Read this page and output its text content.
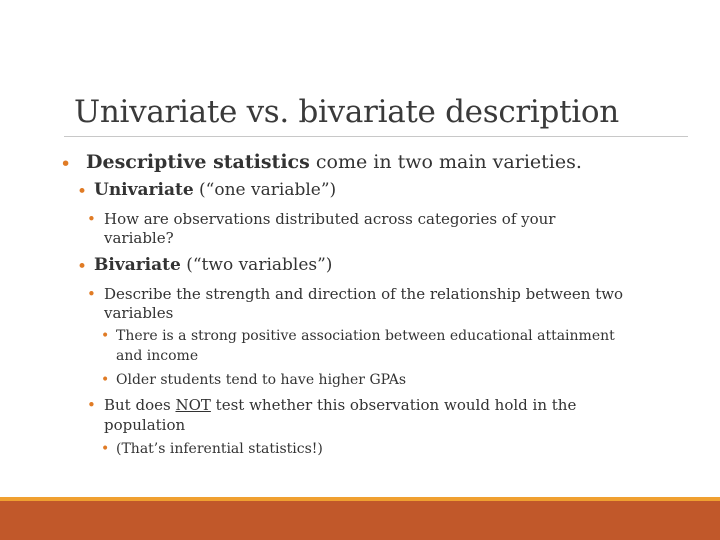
Univariate vs. bivariate description
• Descriptive statistics come in two main varieties.
• Univariate (“one variable”)
• How are observations distributed across categories of your
variable?
• Bivariate (“two variables”)
• Describe the strength and direction of the relationship between two
variables
• There is a strong positive association between educational attainment
and income
• Older students tend to have higher GPAs
• But does NOT test whether this observation would hold in the
population
• (That’s inferential statistics!)
